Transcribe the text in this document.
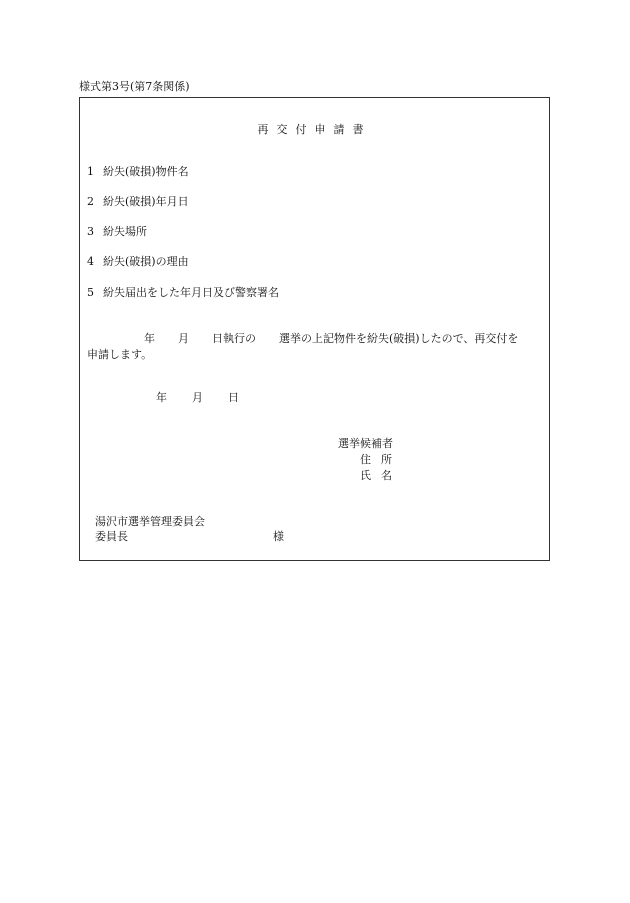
様式第3号(第7条関係)
再交付申請書
1 紛失(破損)物件名
2 紛失(破損)年月日
3 紛失場所
4 紛失(破損)の理由
5 紛失届出をした年月日及び警察署名
年 月 日執行の 選挙の上記物件を紛失(破損)したので、再交付を
申請します。
年 月 日
選挙候補者
住所
氏名
湯沢市選挙管理委員会
委員長	様
